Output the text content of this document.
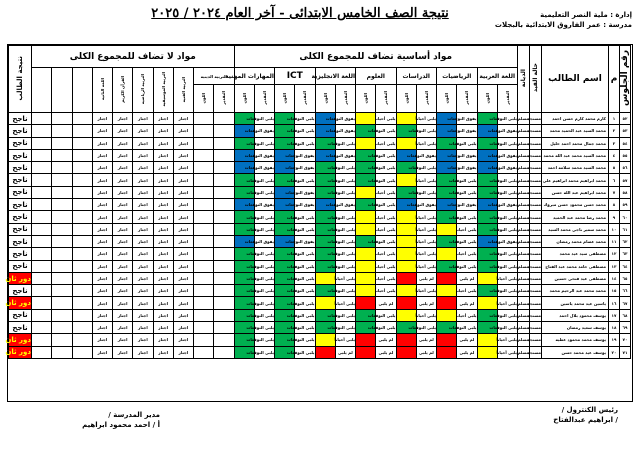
نتيجة الصف الخامس الابتدائى - آخر العام ٢٠٢٤ / ٢٠٢٥	إدارة : ملية النصر التعليمية
مدرسة : عمر الفاروق الابتدائية بالبجلات
رقم الجلوس	م	اسم الطالب	حالة القيد	الديانة	مواد أساسية تضاف للمجموع الكلى														مواد لا تضاف للمجموع الكلى										نتيجة الطالب
					اللغة العربية		الرياضيات		الدراسات		العلوم		اللغة الانجليزية		ICT		المهارات المهنية		التربية الدينية		التربية الفنية	التربية الموسيقية	التربية الرياضية	القرآن الكريم	اللغة الثانية				
					التقدير	اللون	التقدير	اللون	التقدير	اللون	التقدير	اللون	التقدير	اللون	التقدير	اللون	التقدير	اللون	التقدير	اللون									
٥٢	١	كارم محمد كارم حسن احمد	مستجد	مسلم	يلبي التوقعات		يفوق التوقعات		يلبي أحياناً		يلبي أحياناً		يفوق التوقعات		يلبي التوقعات		يلبي التوقعات				اجتاز	اجتاز	اجتاز	اجتاز	اجتاز				ناجح
٥٣	٢	محمد السيد عبد الحميد محمد	مستجد	مسلم	يفوق التوقعات		يفوق التوقعات		يلبي التوقعات		يلبي التوقعات		يفوق التوقعات		يلبي التوقعات		يفوق التوقعات				اجتاز	اجتاز	اجتاز	اجتاز	اجتاز				ناجح
٥٤	٣	محمد جمال محمد احمد خليل	مستجد	مسلم	يلبي التوقعات		يلبي التوقعات		يلبي أحياناً		يلبي أحياناً		يلبي التوقعات		يلبي التوقعات		يلبي التوقعات				اجتاز	اجتاز	اجتاز	اجتاز	اجتاز				ناجح
٥٥	٤	محمد السيد محمد عبد الله محمد	مستجد	مسلم	يفوق التوقعات		يفوق التوقعات		يفوق التوقعات		يلبي التوقعات		يفوق التوقعات		يفوق التوقعات		يفوق التوقعات				اجتاز	اجتاز	اجتاز	اجتاز	اجتاز				ناجح
٥٦	٥	محمد السيد محمد سلامة احمد	مستجد	مسلم	يفوق التوقعات		يفوق التوقعات		يلبي التوقعات		يلبي التوقعات		يلبي التوقعات		يفوق التوقعات		يفوق التوقعات				اجتاز	اجتاز	اجتاز	اجتاز	اجتاز				ناجح
٥٧	٦	محمد ابراهيم محمد ابراهيم علي	مستجد	مسلم	يلبي التوقعات		يلبي التوقعات		يلبي أحياناً		يلبي التوقعات		يلبي التوقعات		يلبي التوقعات		يلبي التوقعات				اجتاز	اجتاز	اجتاز	اجتاز	اجتاز				ناجح
٥٨	٧	محمد ابراهيم عبد الله حسن	مستجد	مسلم	يلبي التوقعات		يلبي التوقعات		يلبي التوقعات		يلبي أحياناً		يلبي التوقعات		يفوق التوقعات		يلبي التوقعات				اجتاز	اجتاز	اجتاز	اجتاز	اجتاز				ناجح
٥٩	٨	محمد حسن محمود حسن مبروك	مستجد	مسلم	يفوق التوقعات		يفوق التوقعات		يفوق التوقعات		يلبي التوقعات		يفوق التوقعات		يفوق التوقعات		يفوق التوقعات				اجتاز	اجتاز	اجتاز	اجتاز	اجتاز				ناجح
٦٠	٩	محمد رضا محمد عبد الحميد	مستجد	مسلم	يلبي التوقعات		يلبي التوقعات		يلبي أحياناً		يلبي أحياناً		يلبي التوقعات		يلبي التوقعات		يلبي التوقعات				اجتاز	اجتاز	اجتاز	اجتاز	اجتاز				ناجح
٦١	١٠	محمد سمير ناجي محمد السيد	مستجد	مسلم	يلبي التوقعات		يلبي أحياناً		يلبي أحياناً		يلبي أحياناً		يلبي التوقعات		يلبي التوقعات		يلبي التوقعات				اجتاز	اجتاز	اجتاز	اجتاز	اجتاز				ناجح
٦٢	١١	محمد عصام محمد رمضان	مستجد	مسلم	يفوق التوقعات		يلبي التوقعات		يلبي أحياناً		يلبي التوقعات		يلبي التوقعات		يفوق التوقعات		يفوق التوقعات				اجتاز	اجتاز	اجتاز	اجتاز	اجتاز				ناجح
٦٣	١٢	مصطفى سيد عيد محمد	مستجد	مسلم	يلبي التوقعات		يلبي أحياناً		يلبي أحياناً		يلبي أحياناً		يلبي التوقعات		يلبي التوقعات		يلبي التوقعات				اجتاز	اجتاز	اجتاز	اجتاز	اجتاز				ناجح
٦٤	١٣	مصطفى حامد محمد عبد الفتاح	مستجد	مسلم	يلبي التوقعات		يلبي التوقعات		يلبي أحياناً		يلبي أحياناً		يلبي التوقعات		يلبي التوقعات		يلبي التوقعات				اجتاز	اجتاز	اجتاز	اجتاز	اجتاز				ناجح
٦٥	١٤	مصطفى عيد فتحي حسين	مستجد	مسلم	يلبي أحياناً		لم يلبي		لم يلبي		يلبي أحياناً		يلبي أحياناً		يلبي التوقعات		يلبي التوقعات				اجتاز	اجتاز	اجتاز	اجتاز	اجتاز				دور ثان
٦٦	١٥	محمد محمد عبد الرحيم محمد	مستجد	مسلم	يلبي التوقعات		يلبي أحياناً		يلبي أحياناً		يلبي أحياناً		يلبي التوقعات		يلبي التوقعات		يلبي التوقعات				اجتاز	اجتاز	اجتاز	اجتاز	اجتاز				ناجح
٦٧	١٦	ياسين عيد محمد ياسين	مستجد	مسلم	يلبي أحياناً		لم يلبي		لم يلبي		لم يلبي		يلبي أحياناً		يلبي التوقعات		يلبي التوقعات				اجتاز	اجتاز	اجتاز	اجتاز	اجتاز				دور ثان
٦٨	١٧	يوسف محمود بلال احمد	مستجد	مسلم	يلبي التوقعات		يلبي أحياناً		يلبي أحياناً		يلبي التوقعات		يلبي التوقعات		يلبي التوقعات		يلبي التوقعات				اجتاز	اجتاز	اجتاز	اجتاز	اجتاز				ناجح
٦٩	١٨	يوسف سعيد رمضان	مستجد	مسلم	يلبي التوقعات		يلبي التوقعات		يلبي التوقعات		يلبي التوقعات		يلبي التوقعات		يلبي التوقعات		يلبي التوقعات				اجتاز	اجتاز	اجتاز	اجتاز	اجتاز				ناجح
٧٠	١٩	يوسف محمد محمود عطيه	مستجد	مسلم	يلبي أحياناً		لم يلبي		لم يلبي		لم يلبي		يلبي أحياناً		يلبي التوقعات		يلبي التوقعات				اجتاز	اجتاز	اجتاز	اجتاز	اجتاز				دور ثان
٧١	٢٠	يوسف عيد محمد حسن	مستجد	مسلم	يلبي أحياناً		لم يلبي		لم يلبي		لم يلبي		لم يلبي		يلبي التوقعات		يلبي التوقعات				اجتاز	اجتاز	اجتاز	اجتاز	اجتاز				دور ثان
رئيس الكنترول /
/ ابراهيم عبدالفتاح
مدير المدرسة /
أ / احمد محمود ابراهيم
